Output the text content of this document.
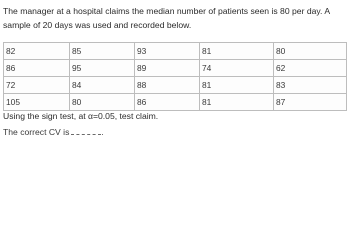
The manager at a hospital claims the median number of patients seen is 80 per day. A sample of 20 days was used and recorded below.

82	85	93	81	80
86	95	89	74	62
72	84	88	81	83
105	80	86	81	87

Using the sign test, at α=0.05, test claim.

The correct CV is	.
